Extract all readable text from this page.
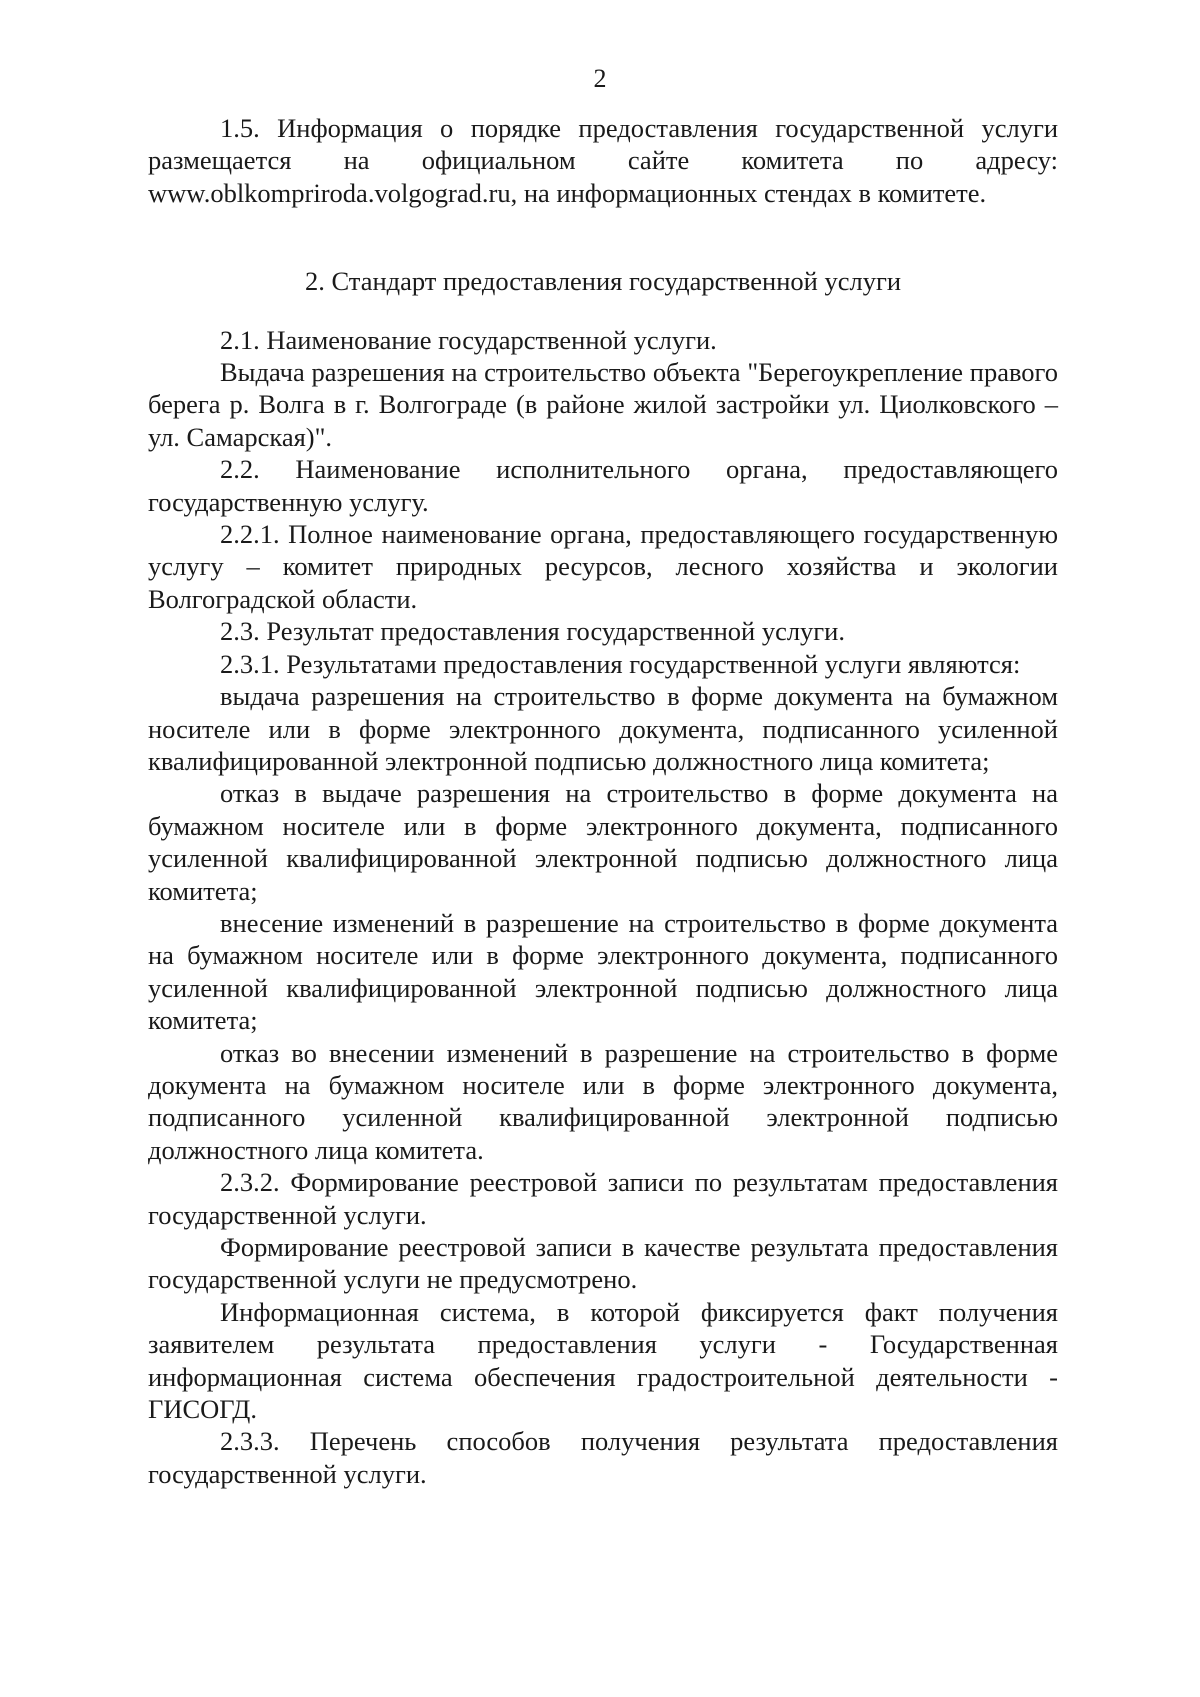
2

1.5. Информация о порядке предоставления государственной услуги размещается на официальном сайте комитета по адресу: www.oblkompriroda.volgograd.ru, на информационных стендах в комитете.

2. Стандарт предоставления государственной услуги

2.1. Наименование государственной услуги.

Выдача разрешения на строительство объекта "Берегоукрепление правого берега р. Волга в г. Волгограде (в районе жилой застройки ул. Циолковского – ул. Самарская)".

2.2. Наименование исполнительного органа, предоставляющего государственную услугу.

2.2.1. Полное наименование органа, предоставляющего государственную услугу – комитет природных ресурсов, лесного хозяйства и экологии Волгоградской области.

2.3. Результат предоставления государственной услуги.

2.3.1. Результатами предоставления государственной услуги являются:

выдача разрешения на строительство в форме документа на бумажном носителе или в форме электронного документа, подписанного усиленной квалифицированной электронной подписью должностного лица комитета;

отказ в выдаче разрешения на строительство в форме документа на бумажном носителе или в форме электронного документа, подписанного усиленной квалифицированной электронной подписью должностного лица комитета;

внесение изменений в разрешение на строительство в форме документа на бумажном носителе или в форме электронного документа, подписанного усиленной квалифицированной электронной подписью должностного лица комитета;

отказ во внесении изменений в разрешение на строительство в форме документа на бумажном носителе или в форме электронного документа, подписанного усиленной квалифицированной электронной подписью должностного лица комитета.

2.3.2. Формирование реестровой записи по результатам предоставления государственной услуги.

Формирование реестровой записи в качестве результата предоставления государственной услуги не предусмотрено.

Информационная система, в которой фиксируется факт получения заявителем результата предоставления услуги - Государственная информационная система обеспечения градостроительной деятельности - ГИСОГД.

2.3.3. Перечень способов получения результата предоставления государственной услуги.
